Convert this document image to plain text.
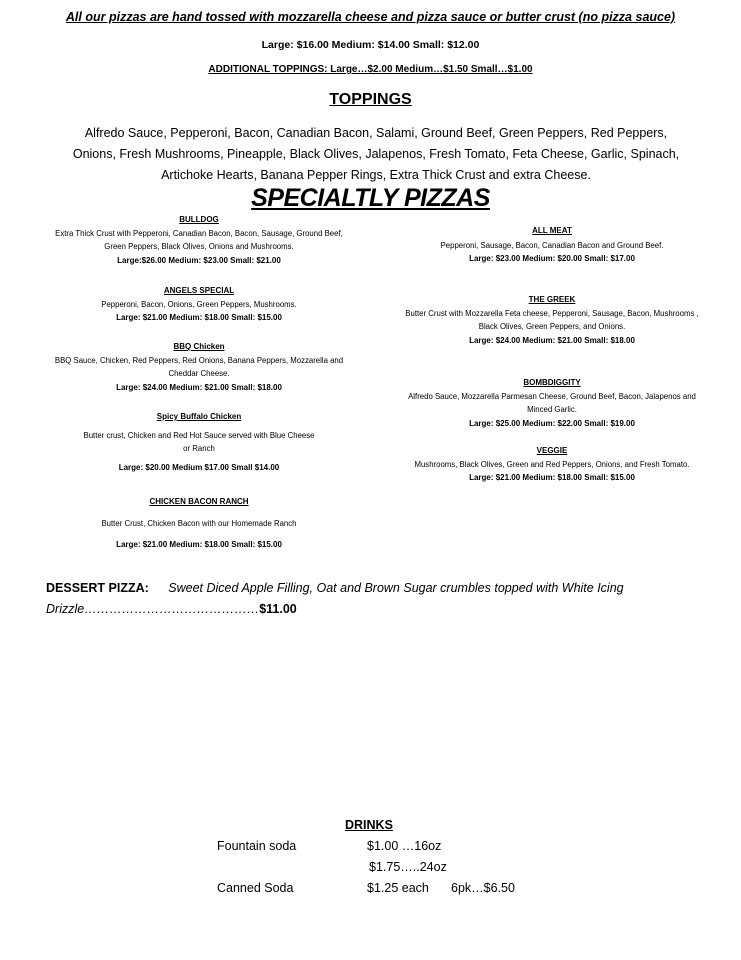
All our pizzas are hand tossed with mozzarella cheese and pizza sauce or butter crust (no pizza sauce)
Large: $16.00 Medium: $14.00 Small: $12.00
ADDITIONAL TOPPINGS: Large…$2.00 Medium…$1.50 Small…$1.00
TOPPINGS
Alfredo Sauce, Pepperoni, Bacon, Canadian Bacon, Salami, Ground Beef, Green Peppers, Red Peppers,
Onions, Fresh Mushrooms, Pineapple, Black Olives, Jalapenos, Fresh Tomato, Feta Cheese, Garlic, Spinach,
Artichoke Hearts, Banana Pepper Rings, Extra Thick Crust and extra Cheese.
SPECIALTLY PIZZAS
BULLDOG
Extra Thick Crust with Pepperoni, Canadian Bacon, Bacon, Sausage, Ground Beef,
Green Peppers, Black Olives, Onions and Mushrooms.
Large:$26.00 Medium: $23.00 Small: $21.00
ANGELS SPECIAL
Pepperoni, Bacon, Onions, Green Peppers, Mushrooms.
Large: $21.00 Medium: $18.00 Small: $15.00
BBQ Chicken
BBQ Sauce, Chicken, Red Peppers, Red Onions, Banana Peppers, Mozzarella and
Cheddar Cheese.
Large: $24.00 Medium: $21.00 Small: $18.00
Spicy Buffalo Chicken
Butter crust, Chicken and Red Hot Sauce served with Blue Cheese
or Ranch
Large: $20.00 Medium $17.00 Small $14.00
CHICKEN BACON RANCH
Butter Crust, Chicken Bacon with our Homemade Ranch
Large: $21.00 Medium: $18.00 Small: $15.00
ALL MEAT
Pepperoni, Sausage, Bacon, Canadian Bacon and Ground Beef.
Large: $23.00 Medium: $20.00 Small: $17.00
THE GREEK
Butter Crust with Mozzarella Feta cheese, Pepperoni, Sausage, Bacon, Mushrooms ,
Black Olives, Green Peppers, and Onions.
Large: $24.00 Medium: $21.00 Small: $18.00
BOMBDIGGITY
Alfredo Sauce, Mozzarella Parmesan Cheese, Ground Beef, Bacon, Jalapenos and
Minced Garlic.
Large: $25.00 Medium: $22.00 Small: $19.00
VEGGIE
Mushrooms, Black Olives, Green and Red Peppers, Onions, and Fresh Tomato.
Large: $21.00 Medium: $18.00 Small: $15.00
DESSERT PIZZA: Sweet Diced Apple Filling, Oat and Brown Sugar crumbles topped with White Icing
Drizzle……………………………………$11.00
DRINKS
Fountain soda	$1.00 …16oz
$1.75…..24oz
Canned Soda	$1.25 each 6pk…$6.50
